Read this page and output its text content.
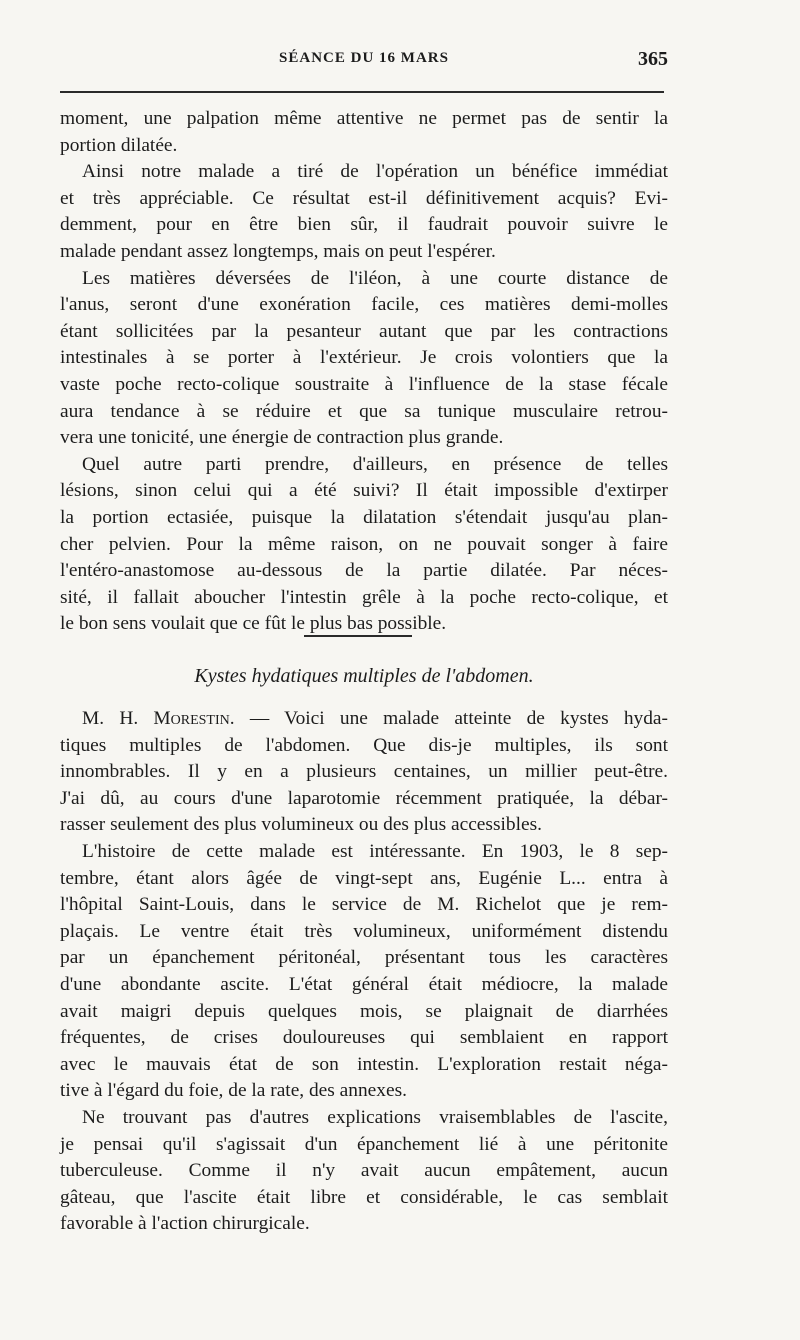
SÉANCE DU 16 MARS	365
moment, une palpation même attentive ne permet pas de sentir la
portion dilatée.
Ainsi notre malade a tiré de l'opération un bénéfice immédiat
et très appréciable. Ce résultat est-il définitivement acquis? Evi-
demment, pour en être bien sûr, il faudrait pouvoir suivre le
malade pendant assez longtemps, mais on peut l'espérer.
Les matières déversées de l'iléon, à une courte distance de
l'anus, seront d'une exonération facile, ces matières demi-molles
étant sollicitées par la pesanteur autant que par les contractions
intestinales à se porter à l'extérieur. Je crois volontiers que la
vaste poche recto-colique soustraite à l'influence de la stase fécale
aura tendance à se réduire et que sa tunique musculaire retrou-
vera une tonicité, une énergie de contraction plus grande.
Quel autre parti prendre, d'ailleurs, en présence de telles
lésions, sinon celui qui a été suivi? Il était impossible d'extirper
la portion ectasiée, puisque la dilatation s'étendait jusqu'au plan-
cher pelvien. Pour la même raison, on ne pouvait songer à faire
l'entéro-anastomose au-dessous de la partie dilatée. Par néces-
sité, il fallait aboucher l'intestin grêle à la poche recto-colique, et
le bon sens voulait que ce fût le plus bas possible.
Kystes hydatiques multiples de l'abdomen.
M. H. Morestin. — Voici une malade atteinte de kystes hyda-
tiques multiples de l'abdomen. Que dis-je multiples, ils sont
innombrables. Il y en a plusieurs centaines, un millier peut-être.
J'ai dû, au cours d'une laparotomie récemment pratiquée, la débar-
rasser seulement des plus volumineux ou des plus accessibles.
L'histoire de cette malade est intéressante. En 1903, le 8 sep-
tembre, étant alors âgée de vingt-sept ans, Eugénie L... entra à
l'hôpital Saint-Louis, dans le service de M. Richelot que je rem-
plaçais. Le ventre était très volumineux, uniformément distendu
par un épanchement péritonéal, présentant tous les caractères
d'une abondante ascite. L'état général était médiocre, la malade
avait maigri depuis quelques mois, se plaignait de diarrhées
fréquentes, de crises douloureuses qui semblaient en rapport
avec le mauvais état de son intestin. L'exploration restait néga-
tive à l'égard du foie, de la rate, des annexes.
Ne trouvant pas d'autres explications vraisemblables de l'ascite,
je pensai qu'il s'agissait d'un épanchement lié à une péritonite
tuberculeuse. Comme il n'y avait aucun empâtement, aucun
gâteau, que l'ascite était libre et considérable, le cas semblait
favorable à l'action chirurgicale.
